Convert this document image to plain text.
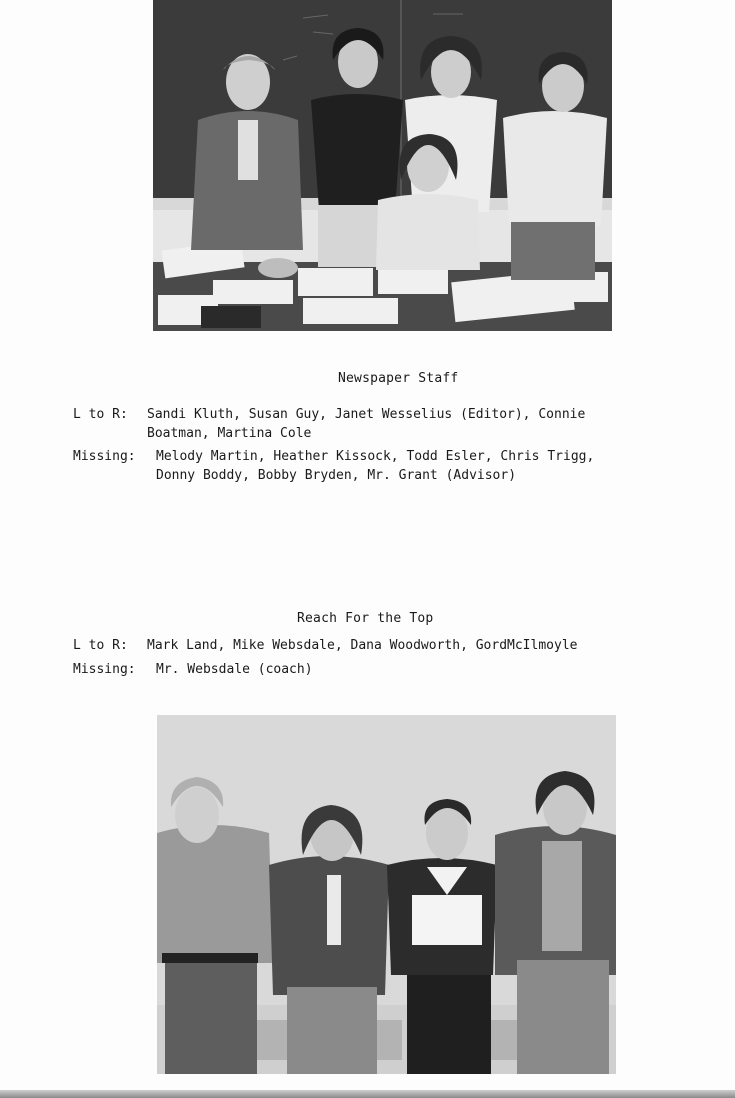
Newspaper Staff
L to R: Sandi Kluth, Susan Guy, Janet Wesselius (Editor), Connie
Boatman, Martina Cole
Missing: Melody Martin, Heather Kissock, Todd Esler, Chris Trigg,
Donny Boddy, Bobby Bryden, Mr. Grant (Advisor)
Reach For the Top
L to R: Mark Land, Mike Websdale, Dana Woodworth, GordMcIlmoyle
Missing: Mr. Websdale (coach)
